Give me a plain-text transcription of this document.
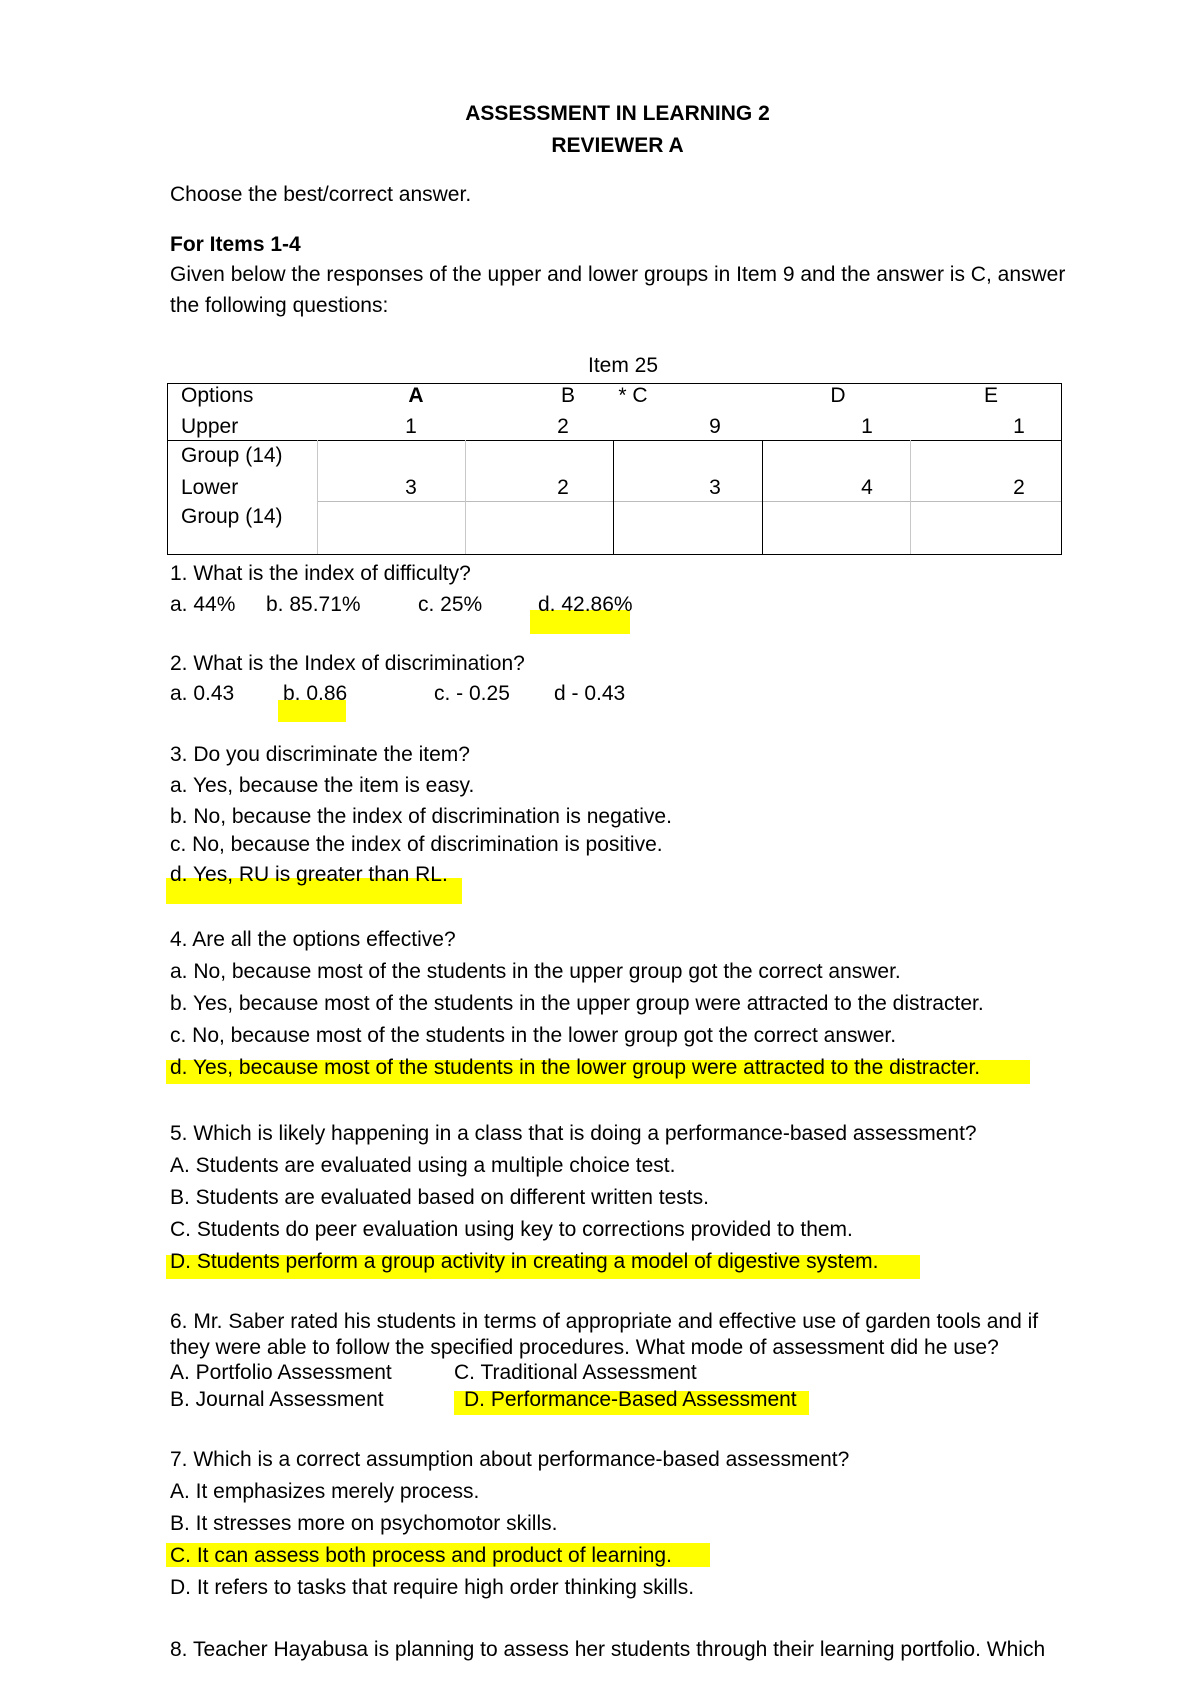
ASSESSMENT IN LEARNING 2
REVIEWER A
Choose the best/correct answer.
For Items 1-4
Given below the responses of the upper and lower groups in Item 9 and the answer is C, answer
the following questions:
Item 25
Options	A	B	* C	D	E
Upper	1	2	9	1	1
Group (14)
Lower	3	2	3	4	2
Group (14)
1. What is the index of difficulty?
a. 44% b. 85.71%	c. 25%	d. 42.86%
2. What is the Index of discrimination?
a. 0.43 b. 0.86	c. - 0.25 d - 0.43
3. Do you discriminate the item?
a. Yes, because the item is easy.
b. No, because the index of discrimination is negative.
c. No, because the index of discrimination is positive.
d. Yes, RU is greater than RL.
4. Are all the options effective?
a. No, because most of the students in the upper group got the correct answer.
b. Yes, because most of the students in the upper group were attracted to the distracter.
c. No, because most of the students in the lower group got the correct answer.
d. Yes, because most of the students in the lower group were attracted to the distracter.
5. Which is likely happening in a class that is doing a performance-based assessment?
A. Students are evaluated using a multiple choice test.
B. Students are evaluated based on different written tests.
C. Students do peer evaluation using key to corrections provided to them.
D. Students perform a group activity in creating a model of digestive system.
6. Mr. Saber rated his students in terms of appropriate and effective use of garden tools and if
they were able to follow the specified procedures. What mode of assessment did he use?
A. Portfolio Assessment	C. Traditional Assessment
B. Journal Assessment	D. Performance-Based Assessment
7. Which is a correct assumption about performance-based assessment?
A. It emphasizes merely process.
B. It stresses more on psychomotor skills.
C. It can assess both process and product of learning.
D. It refers to tasks that require high order thinking skills.
8. Teacher Hayabusa is planning to assess her students through their learning portfolio. Which
